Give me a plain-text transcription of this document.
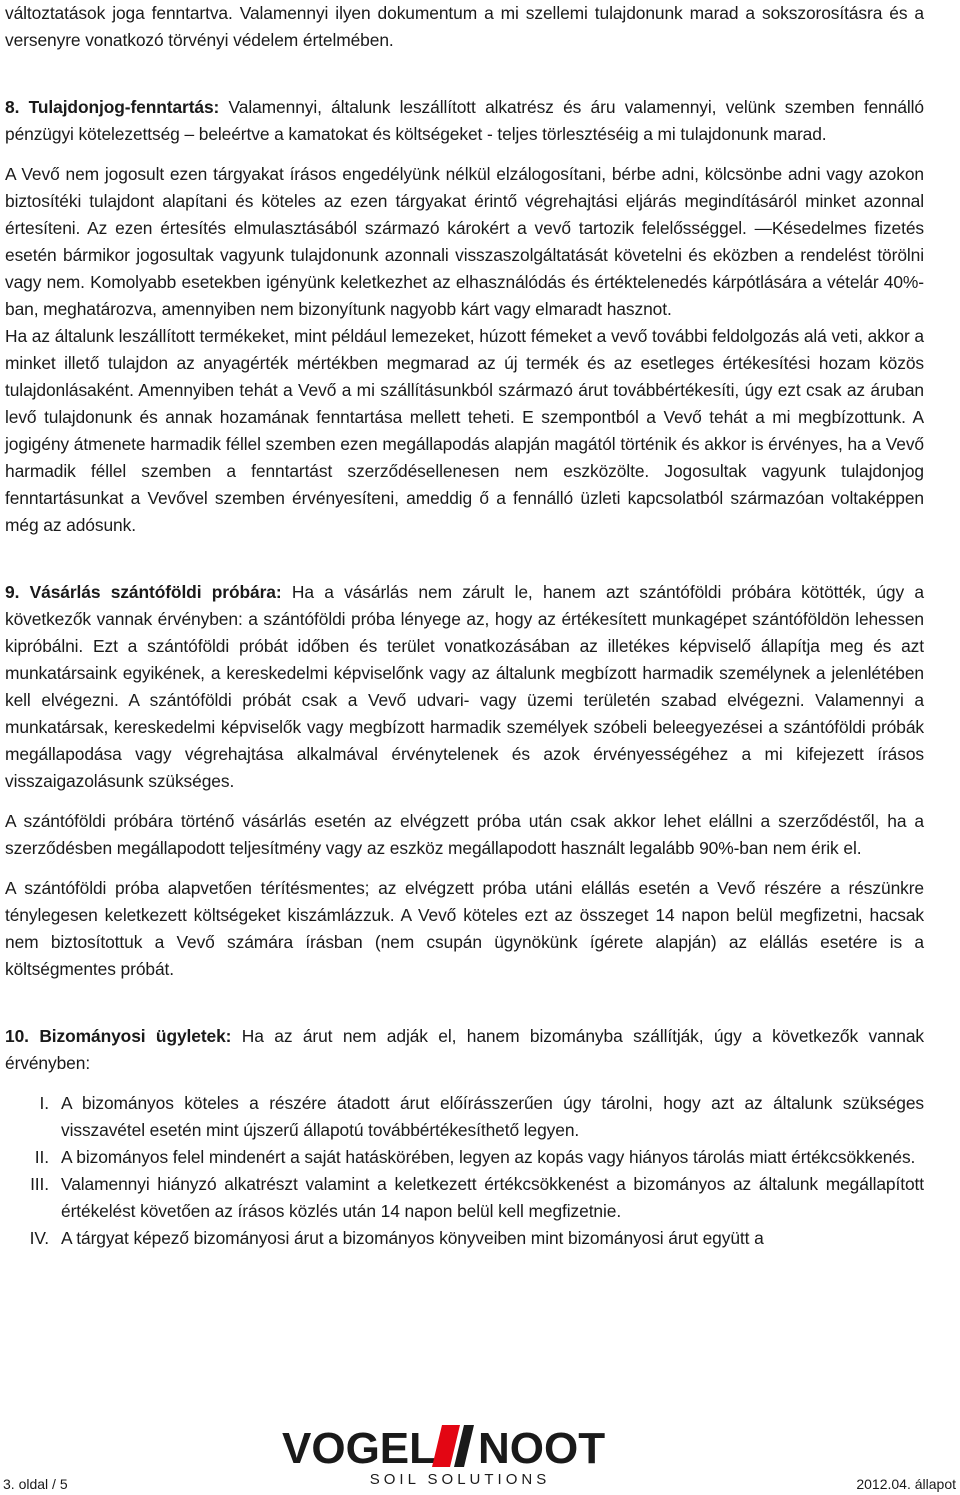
változtatások joga fenntartva. Valamennyi ilyen dokumentum a mi szellemi tulajdonunk marad a sokszorosításra és a versenyre vonatkozó törvényi védelem értelmében.

8. Tulajdonjog-fenntartás: Valamennyi, általunk leszállított alkatrész és áru valamennyi, velünk szemben fennálló pénzügyi kötelezettség – beleértve a kamatokat és költségeket - teljes törlesztéséig a mi tulajdonunk marad.

A Vevő nem jogosult ezen tárgyakat írásos engedélyünk nélkül elzálogosítani, bérbe adni, kölcsönbe adni vagy azokon biztosítéki tulajdont alapítani és köteles az ezen tárgyakat érintő végrehajtási eljárás megindításáról minket azonnal értesíteni. Az ezen értesítés elmulasztásából származó károkért a vevő tartozik felelősséggel. —Késedelmes fizetés esetén bármikor jogosultak vagyunk tulajdonunk azonnali visszaszolgáltatását követelni és eközben a rendelést törölni vagy nem. Komolyabb esetekben igényünk keletkezhet az elhasználódás és értéktelenedés kárpótlására a vételár 40%-ban, meghatározva, amennyiben nem bizonyítunk nagyobb kárt vagy elmaradt hasznot.

Ha az általunk leszállított termékeket, mint például lemezeket, húzott fémeket a vevő további feldolgozás alá veti, akkor a minket illető tulajdon az anyagérték mértékben megmarad az új termék és az esetleges értékesítési hozam közös tulajdonlásaként. Amennyiben tehát a Vevő a mi szállításunkból származó árut továbbértékesíti, úgy ezt csak az áruban levő tulajdonunk és annak hozamának fenntartása mellett teheti. E szempontból a Vevő tehát a mi megbízottunk. A jogigény átmenete harmadik féllel szemben ezen megállapodás alapján magától történik és akkor is érvényes, ha a Vevő harmadik féllel szemben a fenntartást szerződésellenesen nem eszközölte. Jogosultak vagyunk tulajdonjog fenntartásunkat a Vevővel szemben érvényesíteni, ameddig ő a fennálló üzleti kapcsolatból származóan voltaképpen még az adósunk.

9. Vásárlás szántóföldi próbára: Ha a vásárlás nem zárult le, hanem azt szántóföldi próbára kötötték, úgy a következők vannak érvényben: a szántóföldi próba lényege az, hogy az értékesített munkagépet szántóföldön lehessen kipróbálni. Ezt a szántóföldi próbát időben és terület vonatkozásában az illetékes képviselő állapítja meg és azt munkatársaink egyikének, a kereskedelmi képviselőnk vagy az általunk megbízott harmadik személynek a jelenlétében kell elvégezni. A szántóföldi próbát csak a Vevő udvari- vagy üzemi területén szabad elvégezni. Valamennyi a munkatársak, kereskedelmi képviselők vagy megbízott harmadik személyek szóbeli beleegyezései a szántóföldi próbák megállapodása vagy végrehajtása alkalmával érvénytelenek és azok érvényességéhez a mi kifejezett írásos visszaigazolásunk szükséges.

A szántóföldi próbára történő vásárlás esetén az elvégzett próba után csak akkor lehet elállni a szerződéstől, ha a szerződésben megállapodott teljesítmény vagy az eszköz megállapodott használt legalább 90%-ban nem érik el.

A szántóföldi próba alapvetően térítésmentes; az elvégzett próba utáni elállás esetén a Vevő részére a részünkre ténylegesen keletkezett költségeket kiszámlázzuk. A Vevő köteles ezt az összeget 14 napon belül megfizetni, hacsak nem biztosítottuk a Vevő számára írásban (nem csupán ügynökünk ígérete alapján) az elállás esetére is a költségmentes próbát.

10. Bizományosi ügyletek: Ha az árut nem adják el, hanem bizományba szállítják, úgy a következők vannak érvényben:

I. A bizományos köteles a részére átadott árut előírásszerűen úgy tárolni, hogy azt az általunk szükséges visszavétel esetén mint újszerű állapotú továbbértékesíthető legyen.
II. A bizományos felel mindenért a saját hatáskörében, legyen az kopás vagy hiányos tárolás miatt értékcsökkenés.
III. Valamennyi hiányzó alkatrészt valamint a keletkezett értékcsökkenést a bizományos az általunk megállapított értékelést követően az írásos közlés után 14 napon belül kell megfizetnie.
IV. A tárgyat képező bizományosi árut a bizományos könyveiben mint bizományosi árut együtt a
VOGEL NOOT
SOIL SOLUTIONS
3. oldal / 5	2012.04. állapot
